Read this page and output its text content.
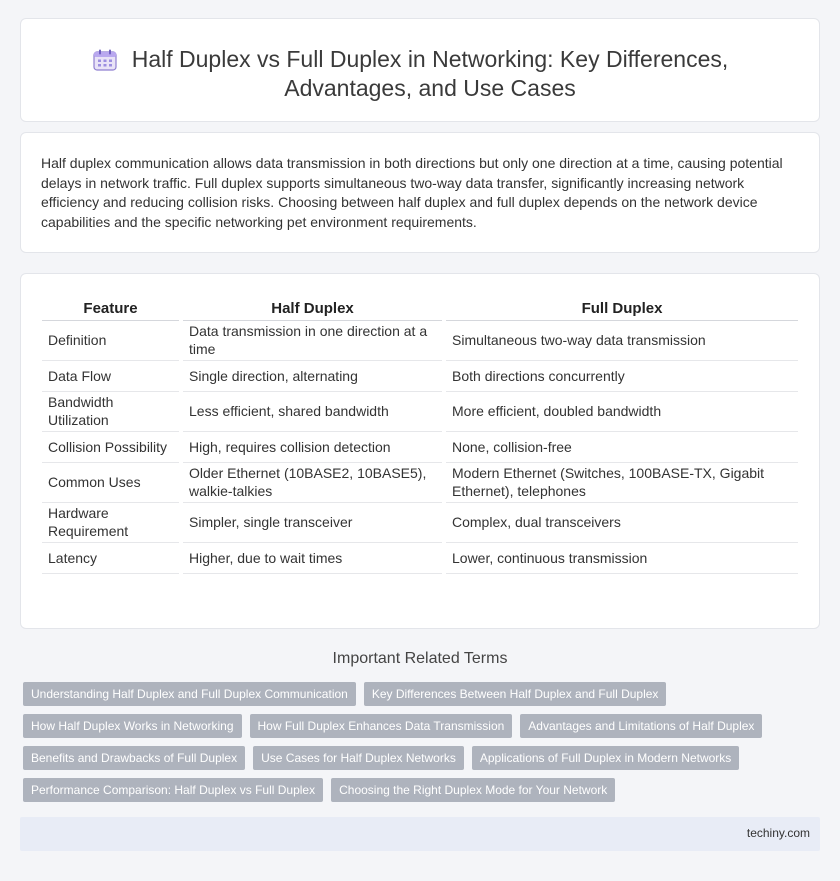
Half Duplex vs Full Duplex in Networking: Key Differences, Advantages, and Use Cases

Half duplex communication allows data transmission in both directions but only one direction at a time, causing potential delays in network traffic. Full duplex supports simultaneous two-way data transfer, significantly increasing network efficiency and reducing collision risks. Choosing between half duplex and full duplex depends on the network device capabilities and the specific networking pet environment requirements.

Feature	Half Duplex	Full Duplex
Definition	Data transmission in one direction at a time	Simultaneous two-way data transmission
Data Flow	Single direction, alternating	Both directions concurrently
Bandwidth Utilization	Less efficient, shared bandwidth	More efficient, doubled bandwidth
Collision Possibility	High, requires collision detection	None, collision-free
Common Uses	Older Ethernet (10BASE2, 10BASE5), walkie-talkies	Modern Ethernet (Switches, 100BASE-TX, Gigabit Ethernet), telephones
Hardware Requirement	Simpler, single transceiver	Complex, dual transceivers
Latency	Higher, due to wait times	Lower, continuous transmission
Important Related Terms
Understanding Half Duplex and Full Duplex Communication	Key Differences Between Half Duplex and Full Duplex
How Half Duplex Works in Networking	How Full Duplex Enhances Data Transmission	Advantages and Limitations of Half Duplex
Benefits and Drawbacks of Full Duplex	Use Cases for Half Duplex Networks	Applications of Full Duplex in Modern Networks
Performance Comparison: Half Duplex vs Full Duplex	Choosing the Right Duplex Mode for Your Network
techiny.com
